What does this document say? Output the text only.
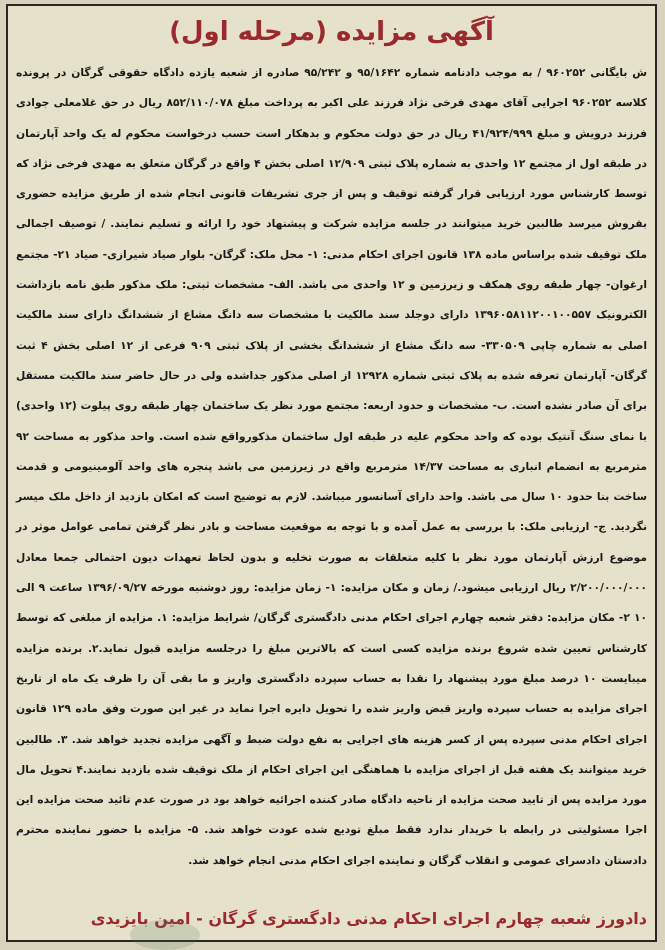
آگهی مزایده (مرحله اول)
ش بایگانی ۹۶۰۲۵۲ / به موجب دادنامه شماره ۹۵/۱۶۴۲ و ۹۵/۲۴۲ صادره از شعبه یازده دادگاه حقوقی گرگان در پرونده کلاسه ۹۶۰۲۵۲ اجرایی آقای مهدی فرخی نژاد فرزند علی اکبر به پرداخت مبلغ ۸۵۲/۱۱۰/۰۷۸ ریال در حق غلامعلی جوادی فرزند درویش و مبلغ ۴۱/۹۲۴/۹۹۹ ریال در حق دولت محکوم و بدهکار است حسب درخواست محکوم له یک واحد آپارتمان در طبقه اول از مجتمع ۱۲ واحدی به شماره پلاک ثبتی ۱۲/۹۰۹ اصلی بخش ۴ واقع در گرگان متعلق به مهدی فرخی نژاد که توسط کارشناس مورد ارزیابی قرار گرفته توقیف و پس از جری تشریفات قانونی انجام شده از طریق مزایده حضوری بفروش میرسد طالبین خرید میتوانند در جلسه مزایده شرکت و پیشنهاد خود را ارائه و تسلیم نمایند. / توصیف اجمالی ملک توقیف شده براساس ماده ۱۳۸ قانون اجرای احکام مدنی: ۱- محل ملک: گرگان- بلوار صیاد شیرازی- صیاد ۲۱- مجتمع ارغوان- چهار طبقه روی همکف و زیرزمین و ۱۲ واحدی می باشد. الف- مشخصات ثبتی: ملک مذکور طبق نامه بازداشت الکترونیک ۱۳۹۶۰۵۸۱۱۲۰۰۱۰۰۵۵۷ دارای دوجلد سند مالکیت با مشخصات سه دانگ مشاع از ششدانگ دارای سند مالکیت اصلی به شماره چاپی ۳۳۰۵۰۹- سه دانگ مشاع از ششدانگ بخشی از پلاک ثبتی ۹۰۹ فرعی از ۱۲ اصلی بخش ۴ ثبت گرگان- آپارتمان تعرفه شده به پلاک ثبتی شماره ۱۲۹۲۸ از اصلی مذکور جداشده ولی در حال حاضر سند مالکیت مستقل برای آن صادر نشده است. ب- مشخصات و حدود اربعه: مجتمع مورد نظر یک ساختمان چهار طبقه روی پیلوت (۱۲ واحدی) با نمای سنگ آنتیک بوده که واحد محکوم علیه در طبقه اول ساختمان مذکورواقع شده است. واحد مذکور به مساحت ۹۲ مترمربع به انضمام انباری به مساحت ۱۴/۳۷ مترمربع واقع در زیرزمین می باشد پنجره های واحد آلومینیومی و قدمت ساخت بنا حدود ۱۰ سال می باشد. واحد دارای آسانسور میباشد. لازم به توضیح است که امکان بازدید از داخل ملک میسر نگردید. ج- ارزیابی ملک: با بررسی به عمل آمده و با توجه به موقعیت مساحت و بادر نظر گرفتن تمامی عوامل موثر در موضوع ارزش آپارتمان مورد نظر با کلیه متعلقات به صورت تخلیه و بدون لحاظ تعهدات دیون احتمالی جمعا معادل ۲/۲۰۰/۰۰۰/۰۰۰ ریال ارزیابی میشود./ زمان و مکان مزایده: ۱- زمان مزایده: روز دوشنبه مورخه ۱۳۹۶/۰۹/۲۷ ساعت ۹ الی ۱۰ ۲- مکان مزایده: دفتر شعبه چهارم اجرای احکام مدنی دادگستری گرگان/ شرایط مزایده: ۱. مزایده از مبلغی که توسط کارشناس تعیین شده شروع برنده مزایده کسی است که بالاترین مبلغ را درجلسه مزایده قبول نماید.۲. برنده مزایده میبایست ۱۰ درصد مبلغ مورد پیشنهاد را نقدا به حساب سپرده دادگستری واریز و ما بقی آن را ظرف یک ماه از تاریخ اجرای مزایده به حساب سپرده واریز قبض واریز شده را تحویل دایره اجرا نماید در غیر این صورت وفق ماده ۱۲۹ قانون اجرای احکام مدنی سپرده پس از کسر هزینه های اجرایی به نفع دولت ضبط و آگهی مزایده تجدید خواهد شد. ۳. طالبین خرید میتوانند یک هفته قبل از اجرای مزایده با هماهنگی این اجرای احکام از ملک توقیف شده بازدید نمایند.۴ تحویل مال مورد مزایده پس از تایید صحت مزایده از ناحیه دادگاه صادر کننده اجرائیه خواهد بود در صورت عدم تائید صحت مزایده این اجرا مسئولیتی در رابطه با خریدار ندارد فقط مبلغ تودیع شده عودت خواهد شد. ۵- مزایده با حضور نماینده محترم دادستان دادسرای عمومی و انقلاب گرگان و نماینده اجرای احکام مدنی انجام خواهد شد.
دادورز شعبه چهارم اجرای احکام مدنی دادگستری گرگان - امین بایزیدی
